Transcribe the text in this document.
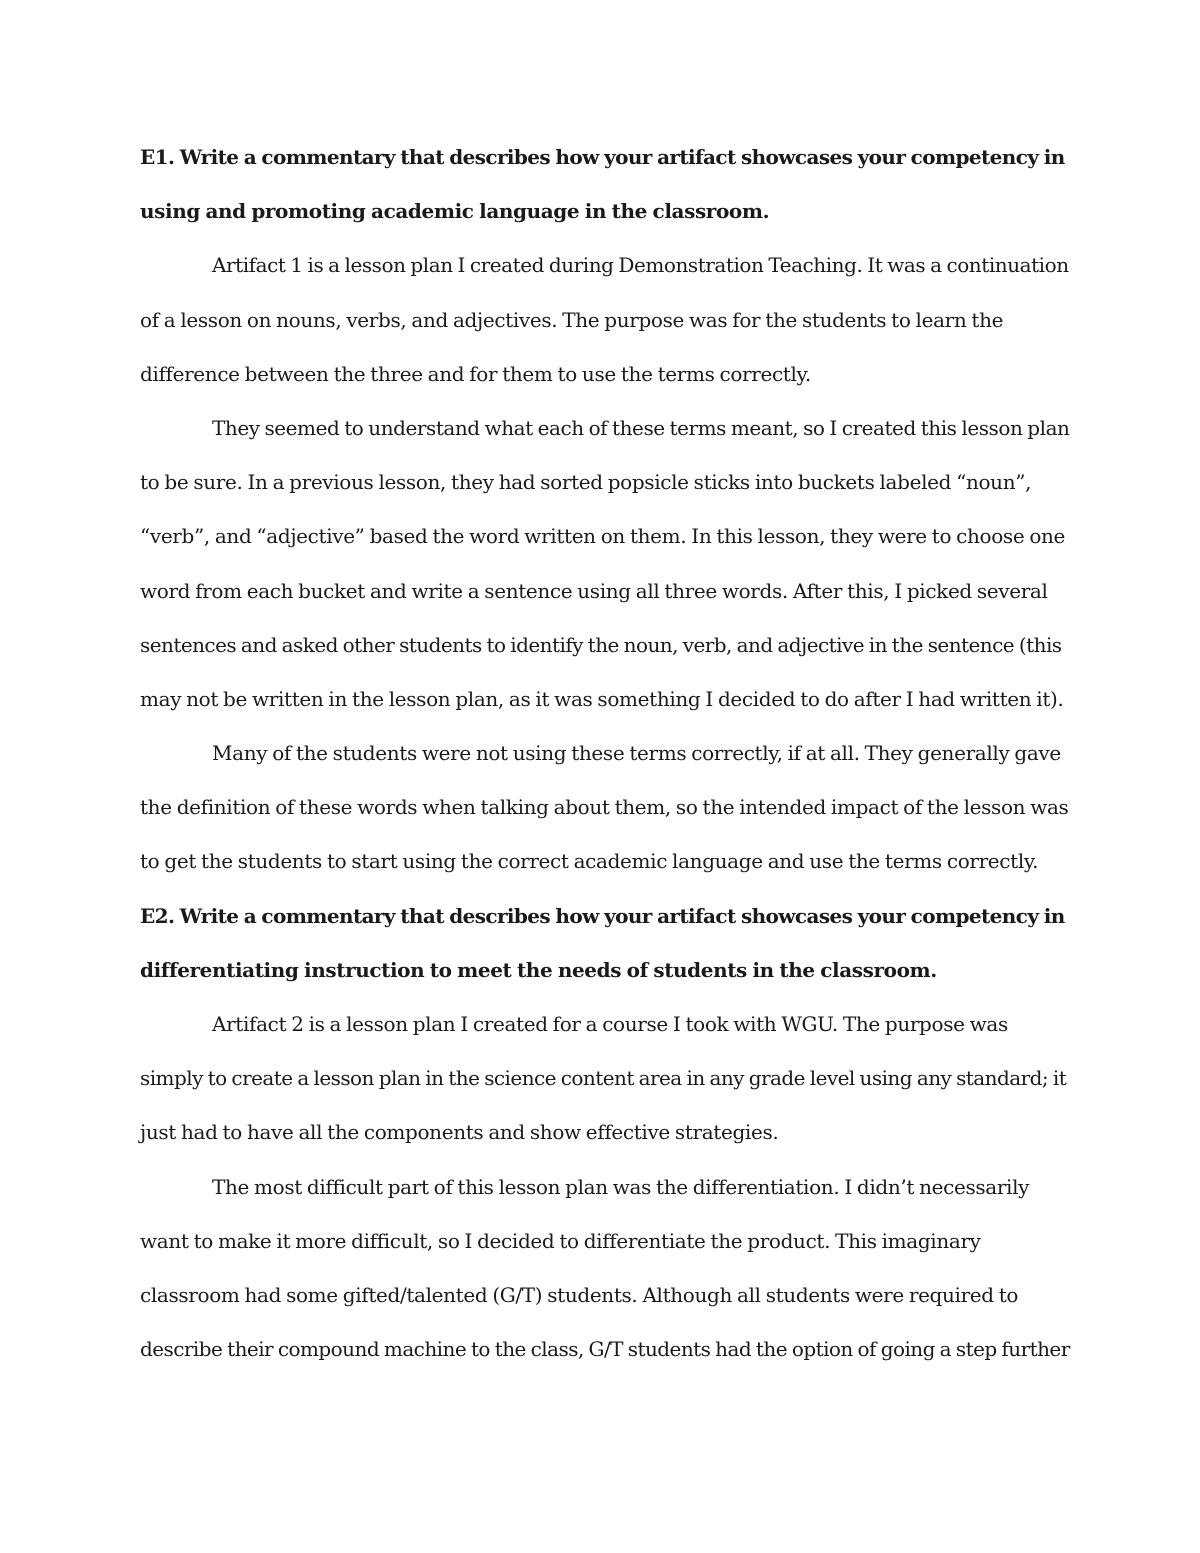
E1. Write a commentary that describes how your artifact showcases your competency in
using and promoting academic language in the classroom.
Artifact 1 is a lesson plan I created during Demonstration Teaching. It was a continuation
of a lesson on nouns, verbs, and adjectives. The purpose was for the students to learn the
difference between the three and for them to use the terms correctly.
They seemed to understand what each of these terms meant, so I created this lesson plan
to be sure. In a previous lesson, they had sorted popsicle sticks into buckets labeled “noun”,
“verb”, and “adjective” based the word written on them. In this lesson, they were to choose one
word from each bucket and write a sentence using all three words. After this, I picked several
sentences and asked other students to identify the noun, verb, and adjective in the sentence (this
may not be written in the lesson plan, as it was something I decided to do after I had written it).
Many of the students were not using these terms correctly, if at all. They generally gave
the definition of these words when talking about them, so the intended impact of the lesson was
to get the students to start using the correct academic language and use the terms correctly.
E2. Write a commentary that describes how your artifact showcases your competency in
differentiating instruction to meet the needs of students in the classroom.
Artifact 2 is a lesson plan I created for a course I took with WGU. The purpose was
simply to create a lesson plan in the science content area in any grade level using any standard; it
just had to have all the components and show effective strategies.
The most difficult part of this lesson plan was the differentiation. I didn’t necessarily
want to make it more difficult, so I decided to differentiate the product. This imaginary
classroom had some gifted/talented (G/T) students. Although all students were required to
describe their compound machine to the class, G/T students had the option of going a step further
